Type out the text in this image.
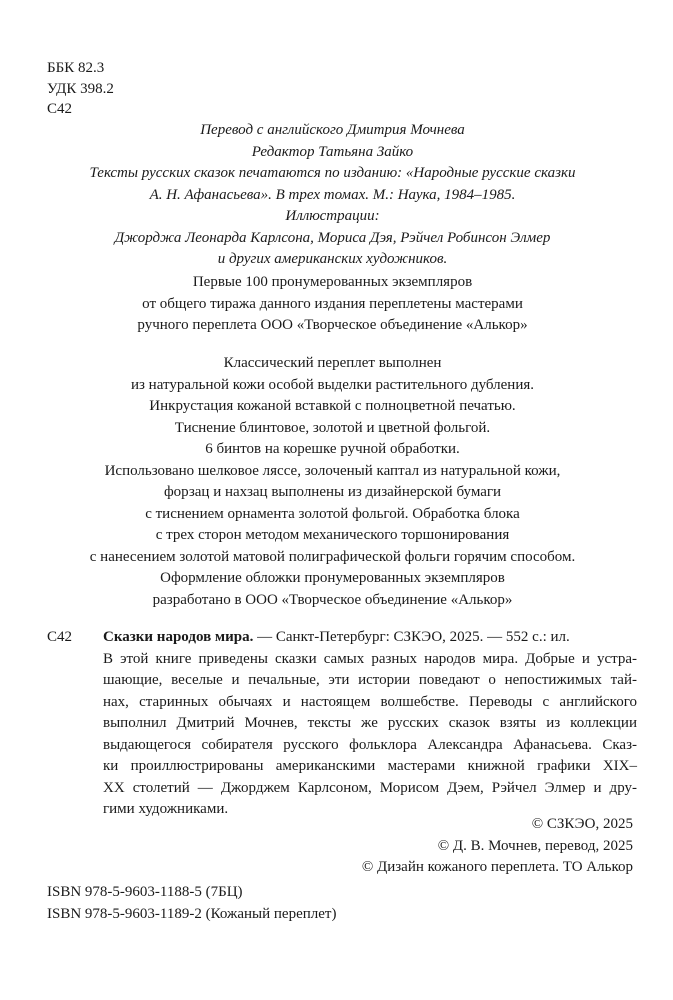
ББК 82.3
УДК 398.2
С42
Перевод с английского Дмитрия Мочнева
Редактор Татьяна Зайко
Тексты русских сказок печатаются по изданию: «Народные русские сказки
А. Н. Афанасьева». В трех томах. М.: Наука, 1984–1985.
Иллюстрации:
Джорджа Леонарда Карлсона, Мориса Дэя, Рэйчел Робинсон Элмер
и других американских художников.
Первые 100 пронумерованных экземпляров
от общего тиража данного издания переплетены мастерами
ручного переплета ООО «Творческое объединение «Алькор»
Классический переплет выполнен
из натуральной кожи особой выделки растительного дубления.
Инкрустация кожаной вставкой с полноцветной печатью.
Тиснение блинтовое, золотой и цветной фольгой.
6 бинтов на корешке ручной обработки.
Использовано шелковое ляссе, золоченый каптал из натуральной кожи,
форзац и нахзац выполнены из дизайнерской бумаги
с тиснением орнамента золотой фольгой. Обработка блока
с трех сторон методом механического торшонирования
с нанесением золотой матовой полиграфической фольги горячим способом.
Оформление обложки пронумерованных экземпляров
разработано в ООО «Творческое объединение «Алькор»
С42	Сказки народов мира. — Санкт-Петербург: СЗКЭО, 2025. — 552 с.: ил.
В этой книге приведены сказки самых разных народов мира. Добрые и устра-
шающие, веселые и печальные, эти истории поведают о непостижимых тай-
нах, старинных обычаях и настоящем волшебстве. Переводы с английского
выполнил Дмитрий Мочнев, тексты же русских сказок взяты из коллекции
выдающегося собирателя русского фольклора Александра Афанасьева. Сказ-
ки проиллюстрированы американскими мастерами книжной графики XIX–
XX столетий — Джорджем Карлсоном, Морисом Дэем, Рэйчел Элмер и дру-
гими художниками.
© СЗКЭО, 2025
© Д. В. Мочнев, перевод, 2025
© Дизайн кожаного переплета. ТО Алькор
ISBN 978-5-9603-1188-5 (7БЦ)
ISBN 978-5-9603-1189-2 (Кожаный переплет)
